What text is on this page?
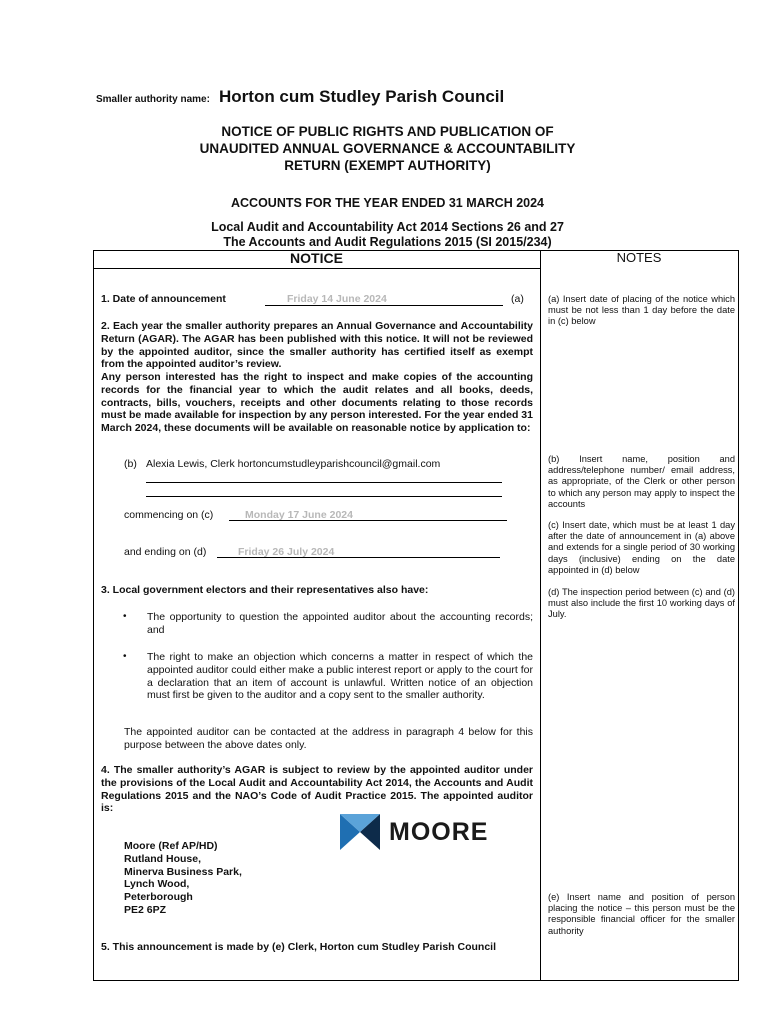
Smaller authority name: Horton cum Studley Parish Council
NOTICE OF PUBLIC RIGHTS AND PUBLICATION OF UNAUDITED ANNUAL GOVERNANCE & ACCOUNTABILITY RETURN (EXEMPT AUTHORITY)
ACCOUNTS FOR THE YEAR ENDED 31 MARCH 2024
Local Audit and Accountability Act 2014 Sections 26 and 27
The Accounts and Audit Regulations 2015 (SI 2015/234)
NOTICE	NOTES
1. Date of announcement	Friday 14 June 2024	(a)
2. Each year the smaller authority prepares an Annual Governance and Accountability Return (AGAR). The AGAR has been published with this notice. It will not be reviewed by the appointed auditor, since the smaller authority has certified itself as exempt from the appointed auditor’s review.
Any person interested has the right to inspect and make copies of the accounting records for the financial year to which the audit relates and all books, deeds, contracts, bills, vouchers, receipts and other documents relating to those records must be made available for inspection by any person interested. For the year ended 31 March 2024, these documents will be available on reasonable notice by application to:
(b) Alexia Lewis, Clerk hortoncumstudleyparishcouncil@gmail.com
commencing on (c)	Monday 17 June 2024
and ending on (d)	Friday 26 July 2024
3. Local government electors and their representatives also have:
• The opportunity to question the appointed auditor about the accounting records; and
• The right to make an objection which concerns a matter in respect of which the appointed auditor could either make a public interest report or apply to the court for a declaration that an item of account is unlawful. Written notice of an objection must first be given to the auditor and a copy sent to the smaller authority.
The appointed auditor can be contacted at the address in paragraph 4 below for this purpose between the above dates only.
4. The smaller authority’s AGAR is subject to review by the appointed auditor under the provisions of the Local Audit and Accountability Act 2014, the Accounts and Audit Regulations 2015 and the NAO’s Code of Audit Practice 2015. The appointed auditor is:
Moore (Ref AP/HD)
Rutland House,
Minerva Business Park,
Lynch Wood,
Peterborough
PE2 6PZ
MOORE
5. This announcement is made by (e) Clerk, Horton cum Studley Parish Council
(a) Insert date of placing of the notice which must be not less than 1 day before the date in (c) below
(b) Insert name, position and address/telephone number/ email address, as appropriate, of the Clerk or other person to which any person may apply to inspect the accounts
(c) Insert date, which must be at least 1 day after the date of announcement in (a) above and extends for a single period of 30 working days (inclusive) ending on the date appointed in (d) below
(d) The inspection period between (c) and (d) must also include the first 10 working days of July.
(e) Insert name and position of person placing the notice – this person must be the responsible financial officer for the smaller authority
